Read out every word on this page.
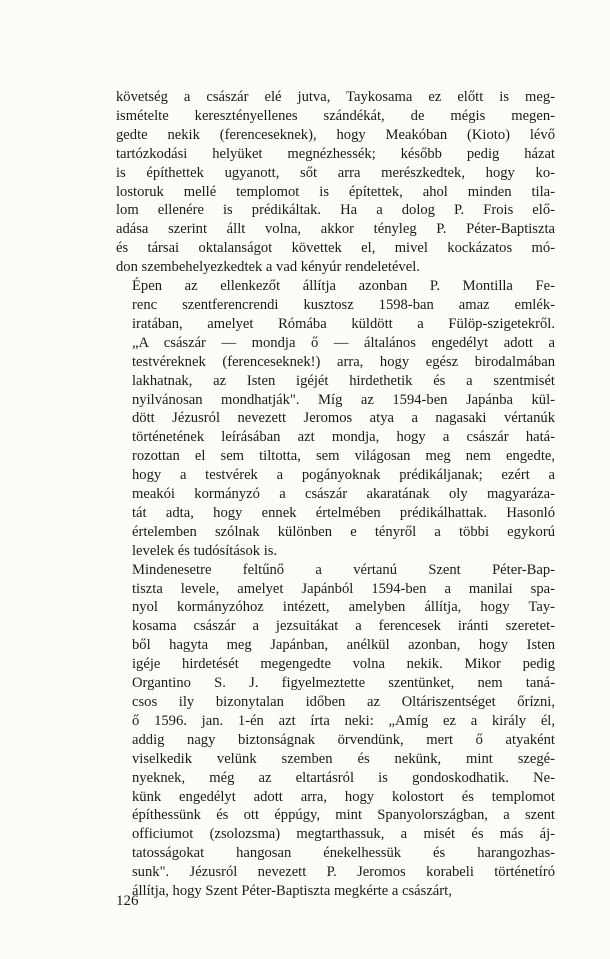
követség a császár elé jutva, Taykosama ez előtt is meg-
ismételte keresztényellenes szándékát, de mégis megen-
gedte nekik (ferenceseknek), hogy Meakóban (Kioto) lévő
tartózkodási helyüket megnézhessék; később pedig házat
is építhettek ugyanott, sőt arra merészkedtek, hogy ko-
lostoruk mellé templomot is építettek, ahol minden tila-
lom ellenére is prédikáltak. Ha a dolog P. Frois elő-
adása szerint állt volna, akkor tényleg P. Péter-Baptiszta
és társai oktalanságot követtek el, mivel kockázatos mó-
don szembehelyezkedtek a vad kényúr rendeletével.

Épen az ellenkezőt állítja azonban P. Montilla Fe-
renc szentferencrendi kusztosz 1598-ban amaz emlék-
iratában, amelyet Rómába küldött a Fülöp-szigetekről.
„A császár — mondja ő — általános engedélyt adott a
testvéreknek (ferenceseknek!) arra, hogy egész birodalmában
lakhatnak, az Isten igéjét hirdethetik és a szentmisét
nyilvánosan mondhatják". Míg az 1594-ben Japánba kül-
dött Jézusról nevezett Jeromos atya a nagasaki vértanúk
történetének leírásában azt mondja, hogy a császár hatá-
rozottan el sem tiltotta, sem világosan meg nem engedte,
hogy a testvérek a pogányoknak prédikáljanak; ezért a
meakói kormányzó a császár akaratának oly magyaráza-
tát adta, hogy ennek értelmében prédikálhattak. Hasonló
értelemben szólnak különben e tényről a többi egykorú
levelek és tudósítások is.

Mindenesetre feltűnő a vértanú Szent Péter-Bap-
tiszta levele, amelyet Japánból 1594-ben a manilai spa-
nyol kormányzóhoz intézett, amelyben állítja, hogy Tay-
kosama császár a jezsuitákat a ferencesek iránti szeretet-
ből hagyta meg Japánban, anélkül azonban, hogy Isten
igéje hirdetését megengedte volna nekik. Mikor pedig
Organtino S. J. figyelmeztette szentünket, nem taná-
csos ily bizonytalan időben az Oltáriszentséget őrízni,
ő 1596. jan. 1-én azt írta neki: „Amíg ez a király él,
addig nagy biztonságnak örvendünk, mert ő atyaként
viselkedik velünk szemben és nekünk, mint szegé-
nyeknek, még az eltartásról is gondoskodhatik. Ne-
künk engedélyt adott arra, hogy kolostort és templomot
építhessünk és ott éppúgy, mint Spanyolországban, a szent
officiumot (zsolozsma) megtarthassuk, a misét és más áj-
tatosságokat hangosan énekelhessük és harangozhas-
sunk". Jézusról nevezett P. Jeromos korabeli történetíró
állítja, hogy Szent Péter-Baptiszta megkérte a császárt,

126
